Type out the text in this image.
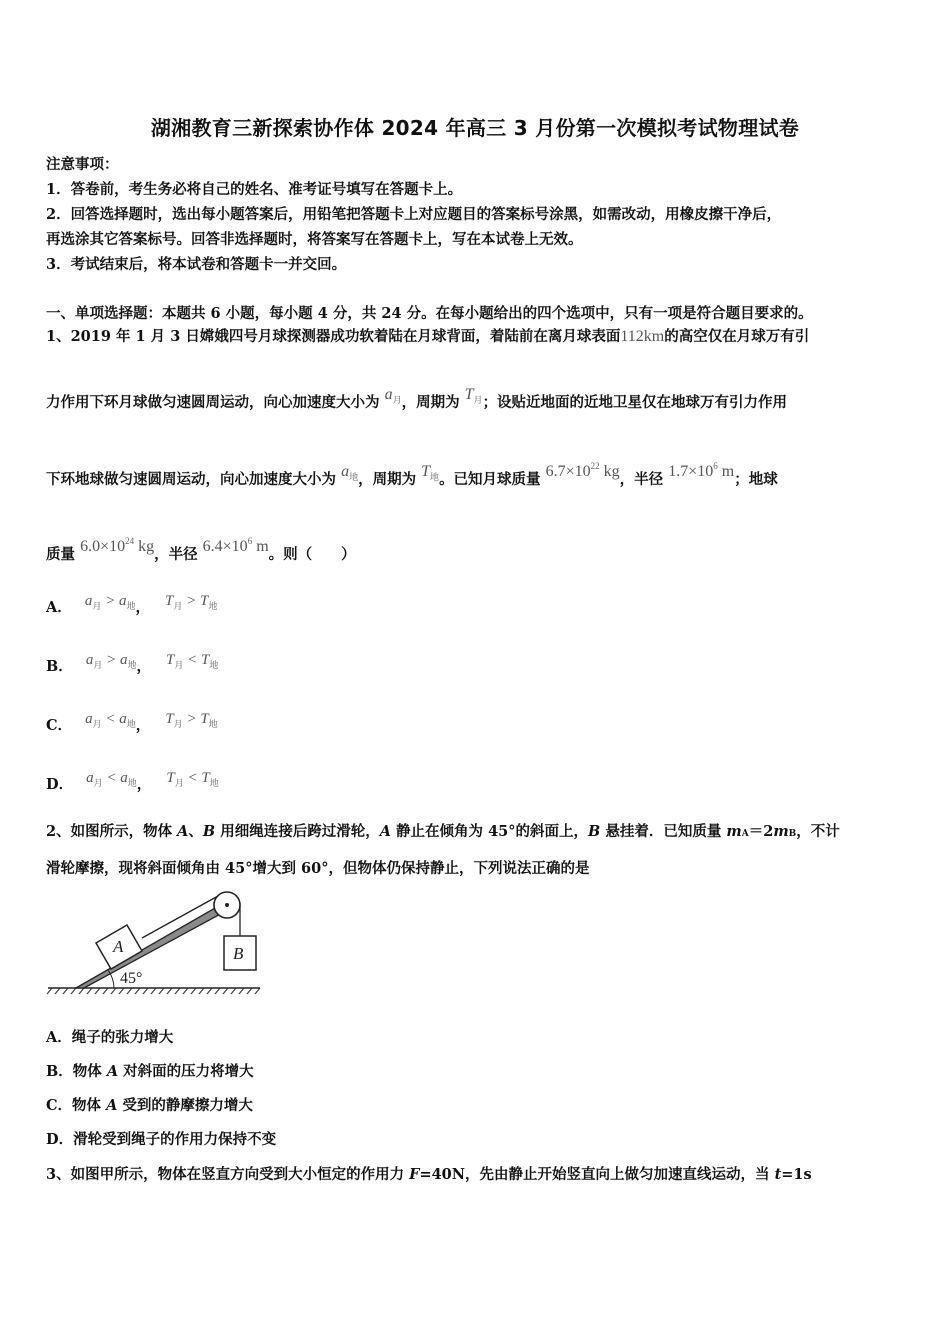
湖湘教育三新探索协作体 2024 年高三 3 月份第一次模拟考试物理试卷
注意事项：
1．答卷前，考生务必将自己的姓名、准考证号填写在答题卡上。
2．回答选择题时，选出每小题答案后，用铅笔把答题卡上对应题目的答案标号涂黑，如需改动，用橡皮擦干净后，
再选涂其它答案标号。回答非选择题时，将答案写在答题卡上，写在本试卷上无效。
3．考试结束后，将本试卷和答题卡一并交回。
一、单项选择题：本题共 6 小题，每小题 4 分，共 24 分。在每小题给出的四个选项中，只有一项是符合题目要求的。
1、2019 年 1 月 3 日嫦娥四号月球探测器成功软着陆在月球背面，着陆前在离月球表面112km的高空仅在月球万有引
力作用下环月球做匀速圆周运动，向心加速度大小为 $a_月$，周期为 $T_月$；设贴近地面的近地卫星仅在地球万有引力作用
下环地球做匀速圆周运动，向心加速度大小为 $a_地$，周期为 $T_地$。已知月球质量 $6.7\times 10^{22}$ kg，半径 $1.7\times 10^6$ m；地球
质量 $6.0\times 10^{24}$ kg，半径 $6.4\times 10^6$ m。则（　　）
A． $a_月 > a_地$， $T_月 > T_地$
B． $a_月 > a_地$， $T_月 < T_地$
C． $a_月 < a_地$， $T_月 > T_地$
D． $a_月 < a_地$， $T_月 < T_地$
2、如图所示，物体 A、B 用细绳连接后跨过滑轮，A 静止在倾角为 45°的斜面上，B 悬挂着．已知质量 mA＝2mB，不计
滑轮摩擦，现将斜面倾角由 45°增大到 60°，但物体仍保持静止，下列说法正确的是
45°
A	B
A．绳子的张力增大
B．物体 A 对斜面的压力将增大
C．物体 A 受到的静摩擦力增大
D．滑轮受到绳子的作用力保持不变
3、如图甲所示，物体在竖直方向受到大小恒定的作用力 F=40N，先由静止开始竖直向上做匀加速直线运动，当 t=1s
